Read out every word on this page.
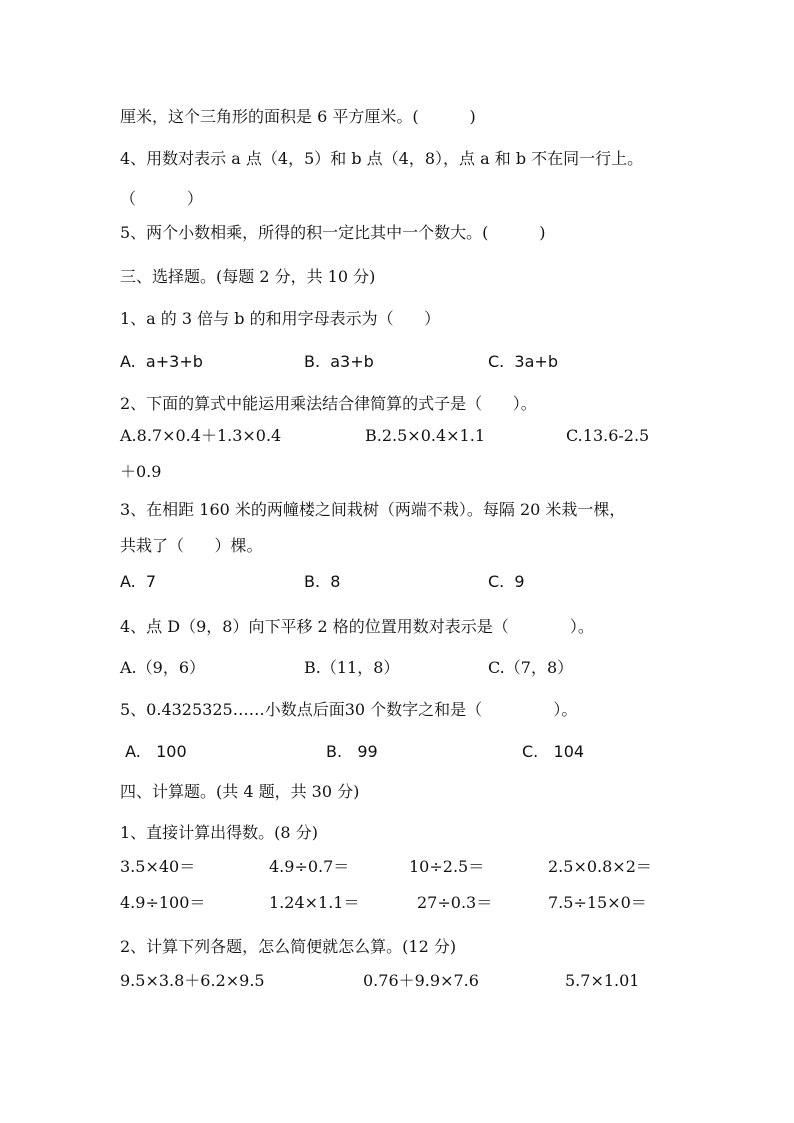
厘米，这个三角形的面积是 6 平方厘米。(          )
4、用数对表示 a 点（4，5）和 b 点（4，8），点 a 和 b 不在同一行上。
（          ）
5、两个小数相乘，所得的积一定比其中一个数大。(          )
三、选择题。(每题 2 分，共 10 分)
1、a 的 3 倍与 b 的和用字母表示为（      ）

A.  a+3+b

	B.  a3+b

	C.  3a+b

2、下面的算式中能运用乘法结合律简算的式子是（      ）。

A.8.7×0.4＋1.3×0.4

	B.2.5×0.4×1.1

	C.13.6-2.5

＋0.9
3、在相距 160 米的两幢楼之间栽树（两端不栽）。每隔 20 米栽一棵，
共栽了（      ）棵。

A.  7

	B.  8

	C.  9

4、点 D（9，8）向下平移 2 格的位置用数对表示是（            ）。

A.（9，6）

	B.（11，8）

	C.（7，8）

5、0.4325325……小数点后面30 个数字之和是（              ）。

A.   100

	B.   99

	C.   104

四、计算题。(共 4 题，共 30 分)
1、直接计算出得数。(8 分)

3.5×40＝

	4.9÷0.7＝

	10÷2.5＝

	2.5×0.8×2＝

4.9÷100＝

	1.24×1.1＝

	27÷0.3＝

	7.5÷15×0＝

2、计算下列各题，怎么简便就怎么算。(12 分)

9.5×3.8＋6.2×9.5

	0.76＋9.9×7.6

	5.7×1.01
